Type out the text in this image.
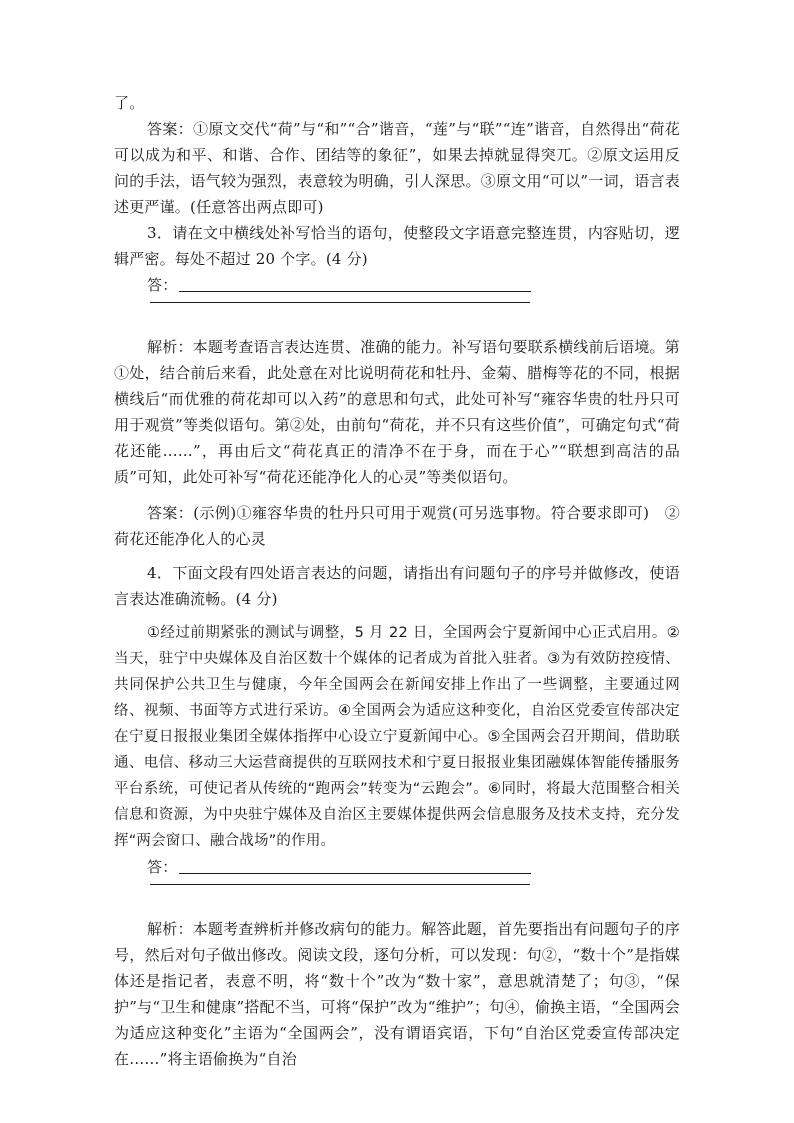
了。

答案：①原文交代“荷”与“和”“合”谐音，“莲”与“联”“连”谐音，自然得出“荷花可以成为和平、和谐、合作、团结等的象征”，如果去掉就显得突兀。②原文运用反问的手法，语气较为强烈，表意较为明确，引人深思。③原文用“可以”一词，语言表述更严谨。(任意答出两点即可)

3．请在文中横线处补写恰当的语句，使整段文字语意完整连贯，内容贴切，逻辑严密。每处不超过 20 个字。(4 分)

答：

解析：本题考查语言表达连贯、准确的能力。补写语句要联系横线前后语境。第①处，结合前后来看，此处意在对比说明荷花和牡丹、金菊、腊梅等花的不同，根据横线后“而优雅的荷花却可以入药”的意思和句式，此处可补写“雍容华贵的牡丹只可用于观赏”等类似语句。第②处，由前句“荷花，并不只有这些价值”，可确定句式“荷花还能……”，再由后文“荷花真正的清净不在于身，而在于心”“联想到高洁的品质”可知，此处可补写“荷花还能净化人的心灵”等类似语句。

答案：(示例)①雍容华贵的牡丹只可用于观赏(可另选事物。符合要求即可)　②荷花还能净化人的心灵

4．下面文段有四处语言表达的问题，请指出有问题句子的序号并做修改，使语言表达准确流畅。(4 分)

①经过前期紧张的测试与调整，5 月 22 日，全国两会宁夏新闻中心正式启用。②当天，驻宁中央媒体及自治区数十个媒体的记者成为首批入驻者。③为有效防控疫情、共同保护公共卫生与健康，今年全国两会在新闻安排上作出了一些调整，主要通过网络、视频、书面等方式进行采访。④全国两会为适应这种变化，自治区党委宣传部决定在宁夏日报报业集团全媒体指挥中心设立宁夏新闻中心。⑤全国两会召开期间，借助联通、电信、移动三大运营商提供的互联网技术和宁夏日报报业集团融媒体智能传播服务平台系统，可使记者从传统的“跑两会”转变为“云跑会”。⑥同时，将最大范围整合相关信息和资源，为中央驻宁媒体及自治区主要媒体提供两会信息服务及技术支持，充分发挥“两会窗口、融合战场”的作用。

答：

解析：本题考查辨析并修改病句的能力。解答此题，首先要指出有问题句子的序号，然后对句子做出修改。阅读文段，逐句分析，可以发现：句②，“数十个”是指媒体还是指记者，表意不明，将“数十个”改为“数十家”，意思就清楚了；句③，“保护”与“卫生和健康”搭配不当，可将“保护”改为“维护”；句④，偷换主语，“全国两会为适应这种变化”主语为“全国两会”，没有谓语宾语，下句“自治区党委宣传部决定在……”将主语偷换为“自治
